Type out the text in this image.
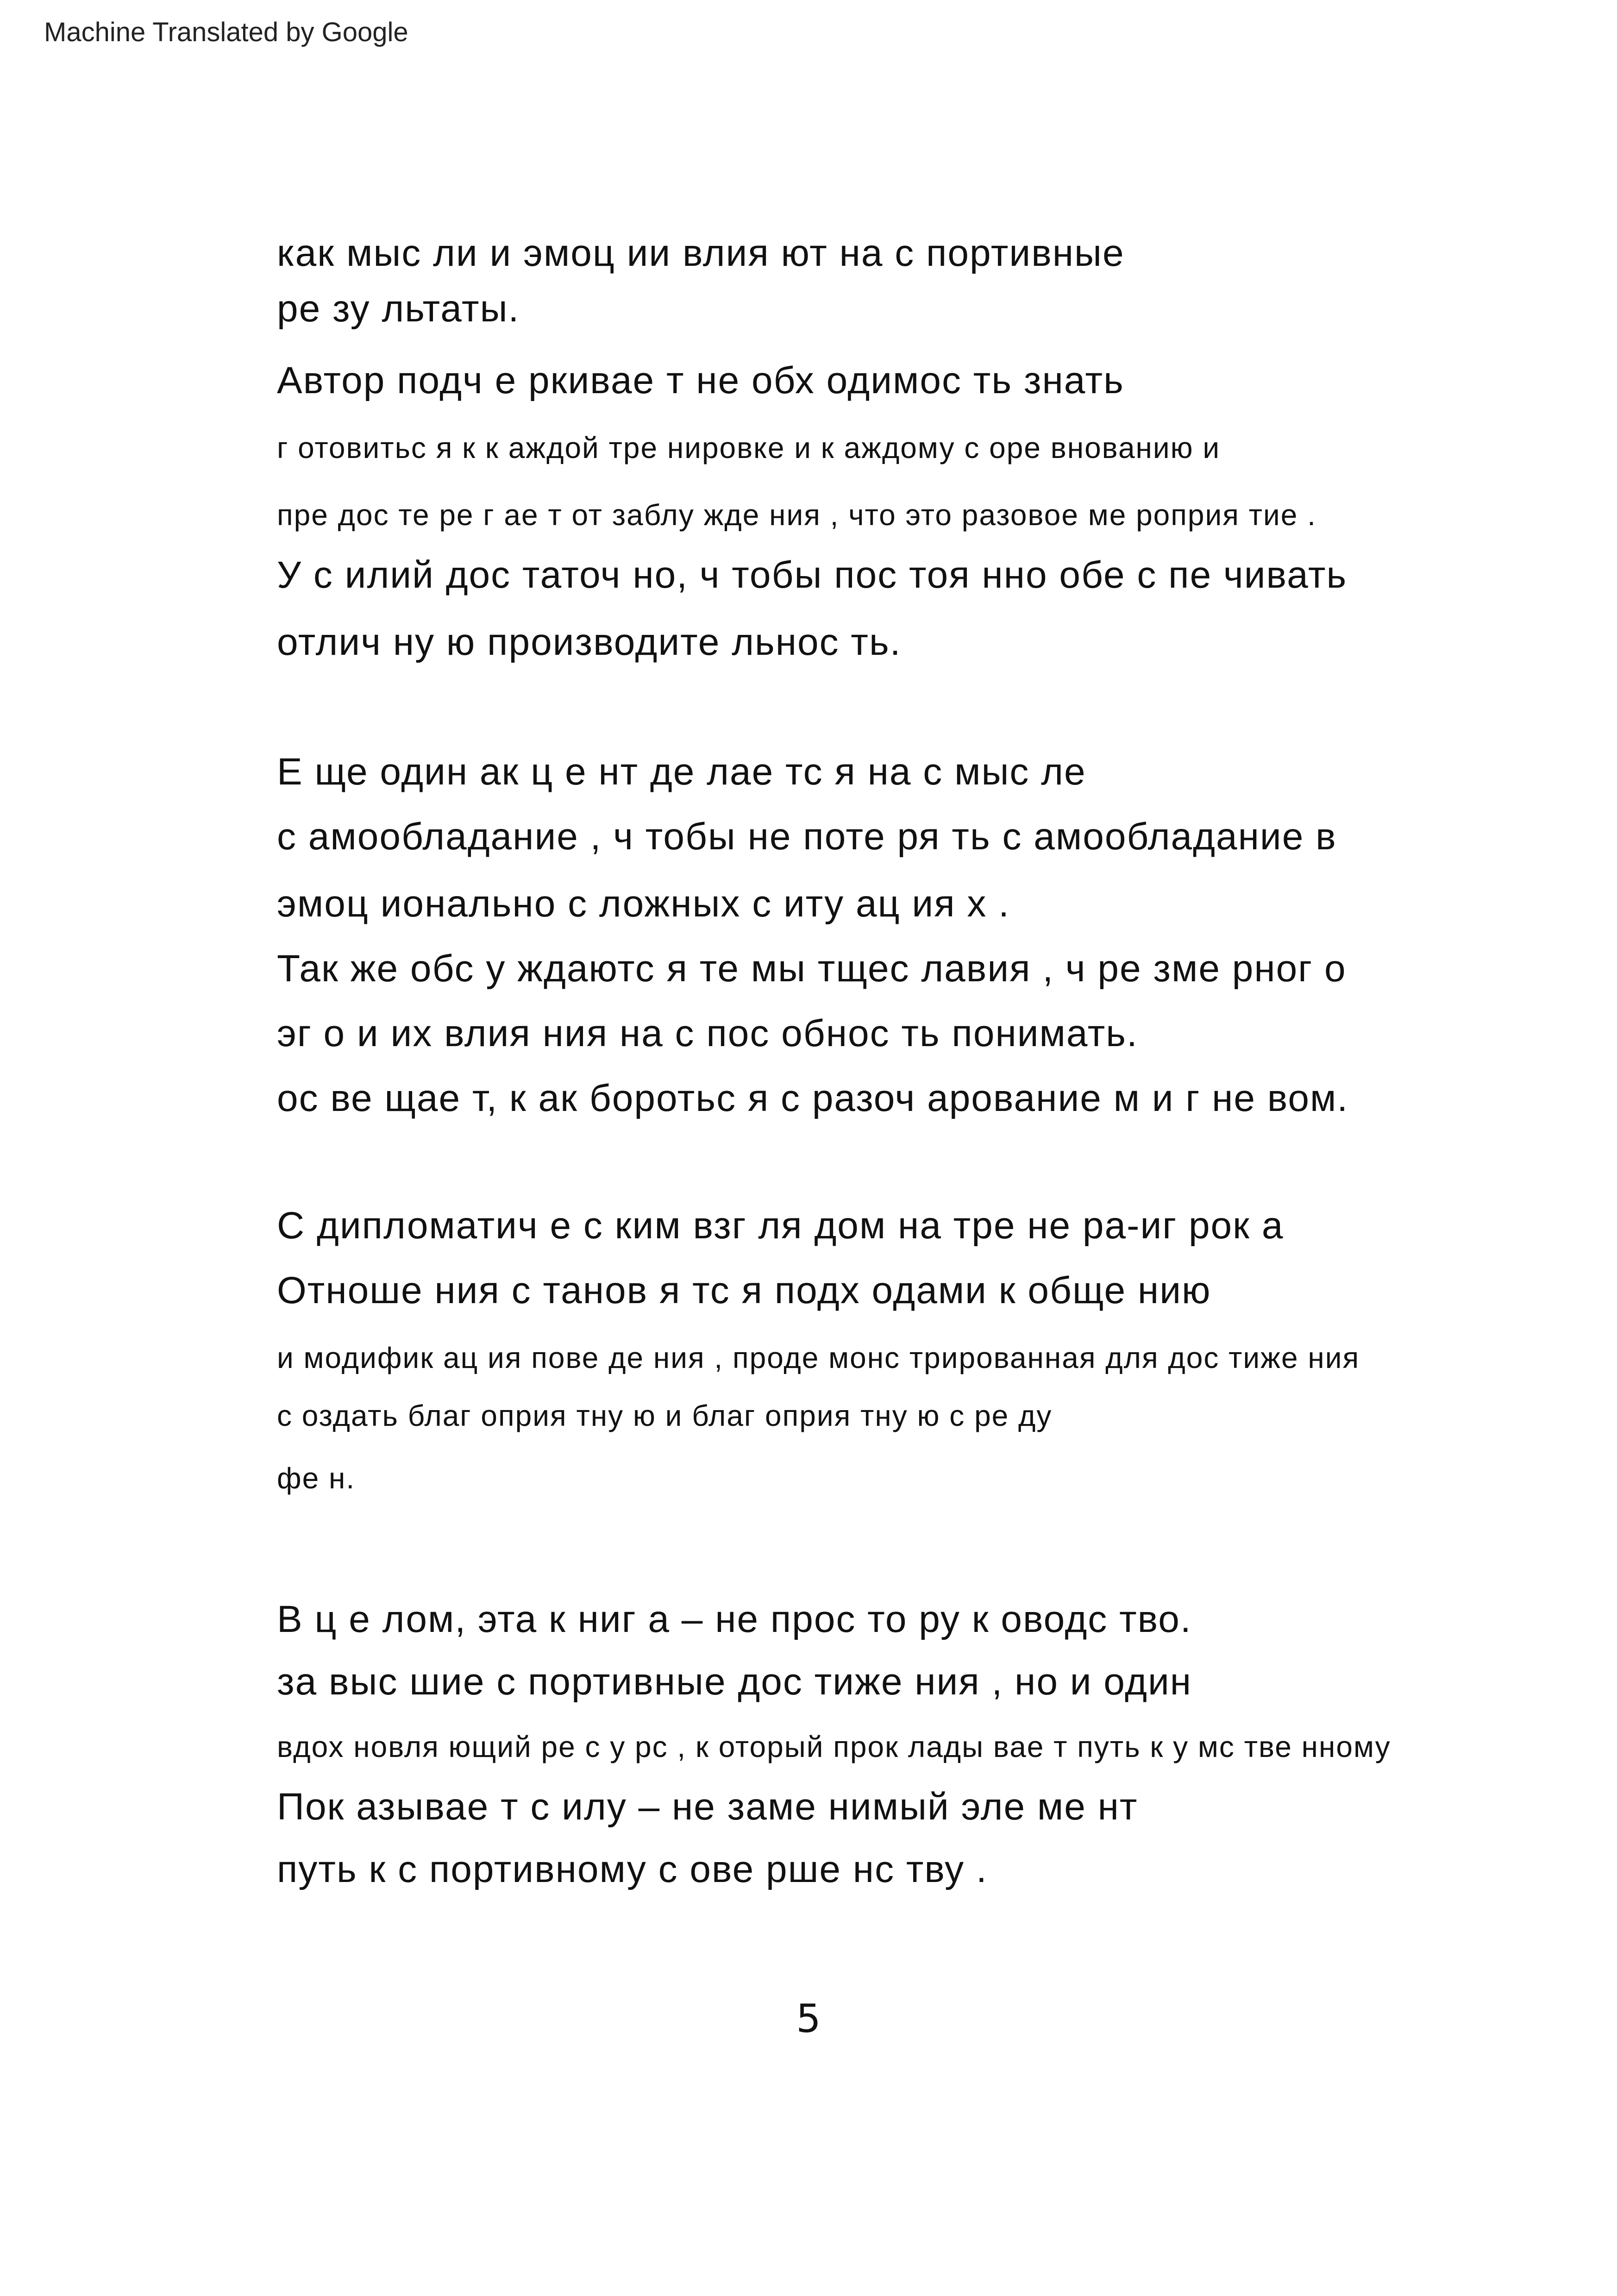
Machine Translated by Google
как мыс ли и эмоц ии влия ют на с портивные
ре зу льтаты.
Автор подч е ркивае т не обх одимос ть знать
г отовитьс я к к аждой тре нировке и к аждому с оре внованию и
пре дос те ре г ае т от заблу жде ния , что это разовое ме роприя тие .
У с илий дос таточ но, ч тобы пос тоя нно обе с пе чивать
отлич ну ю производите льнос ть.
Е ще один ак ц е нт де лае тс я на с мыс ле
с амообладание , ч тобы не поте ря ть с амообладание в
эмоц ионально с ложных с иту ац ия х .
Так же обс у ждаютс я те мы тщес лавия , ч ре зме рног о
эг о и их влия ния на с пос обнос ть понимать.
ос ве щае т, к ак боротьс я с разоч арование м и г не вом.
С дипломатич е с ким взг ля дом на тре не ра-иг рок а
Отноше ния с танов я тс я подх одами к обще нию
и модифик ац ия пове де ния , проде монс трированная для дос тиже ния
с оздать благ оприя тну ю и благ оприя тну ю с ре ду
фе н.
В ц е лом, эта к ниг а – не прос то ру к оводс тво.
за выс шие с портивные дос тиже ния , но и один
вдох новля ющий ре с у рс , к оторый прок лады вае т путь к у мс тве нному
Пок азывае т с илу – не заме нимый эле ме нт
путь к с портивному с ове рше нс тву .
5
